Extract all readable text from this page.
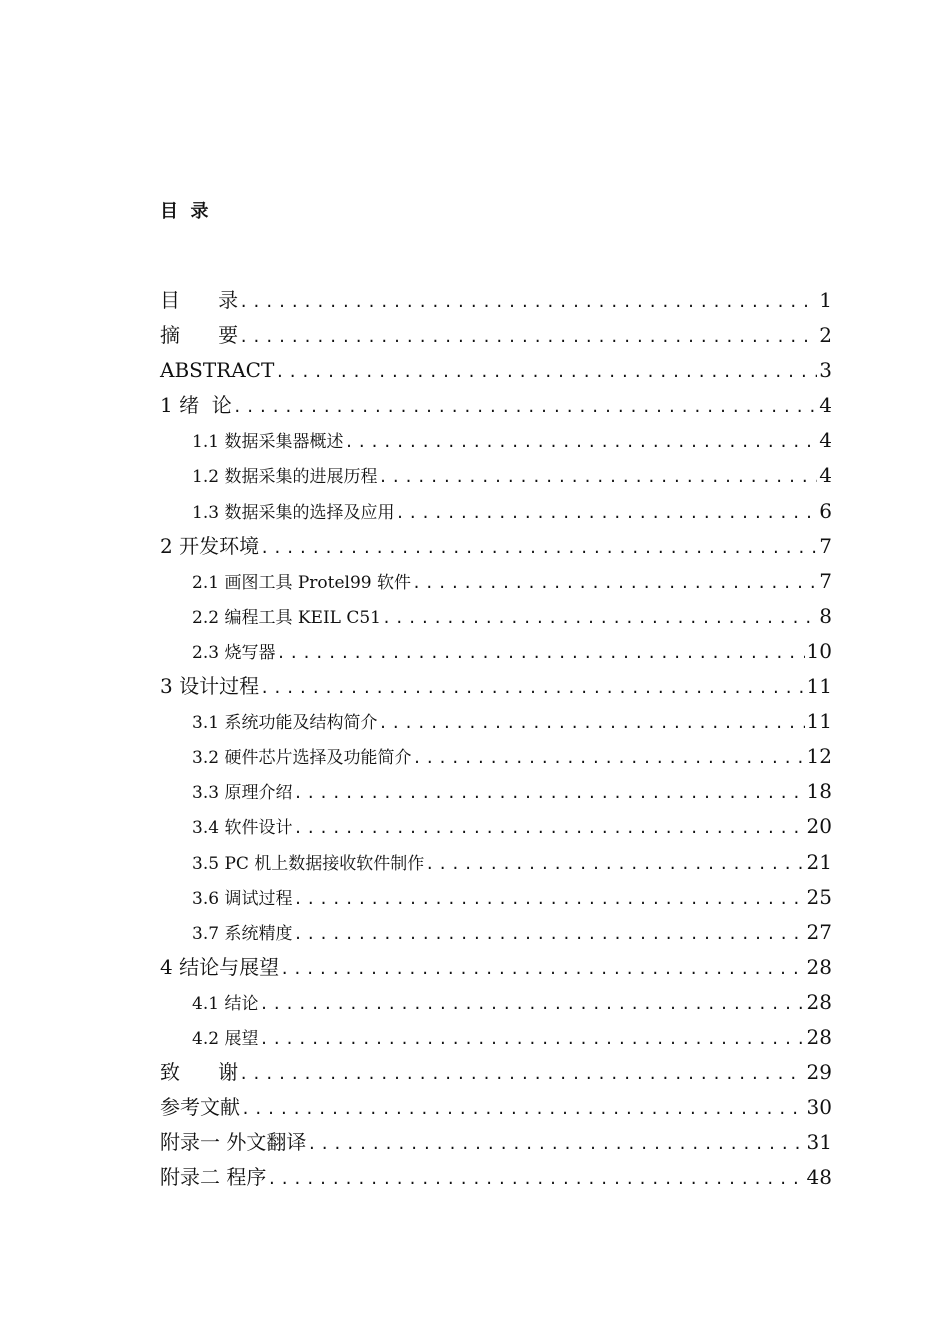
目  录
目      录 .....	1
摘      要 .....	2
ABSTRACT .....	3
1 绪  论 .....	4
1.1 数据采集器概述 .....	4
1.2 数据采集的进展历程 .....	4
1.3 数据采集的选择及应用 .....	6
2 开发环境 .....	7
2.1 画图工具 Protel99 软件 .....	7
2.2 编程工具 KEIL C51 .....	8
2.3 烧写器 .....	10
3 设计过程 .....	11
3.1 系统功能及结构简介 .....	11
3.2 硬件芯片选择及功能简介 .....	12
3.3 原理介绍 .....	18
3.4 软件设计 .....	20
3.5 PC 机上数据接收软件制作 .....	21
3.6 调试过程 .....	25
3.7 系统精度 .....	27
4 结论与展望 .....	28
4.1 结论 .....	28
4.2 展望 .....	28
致      谢 .....	29
参考文献 .....	30
附录一 外文翻译 .....	31
附录二 程序 .....	48
